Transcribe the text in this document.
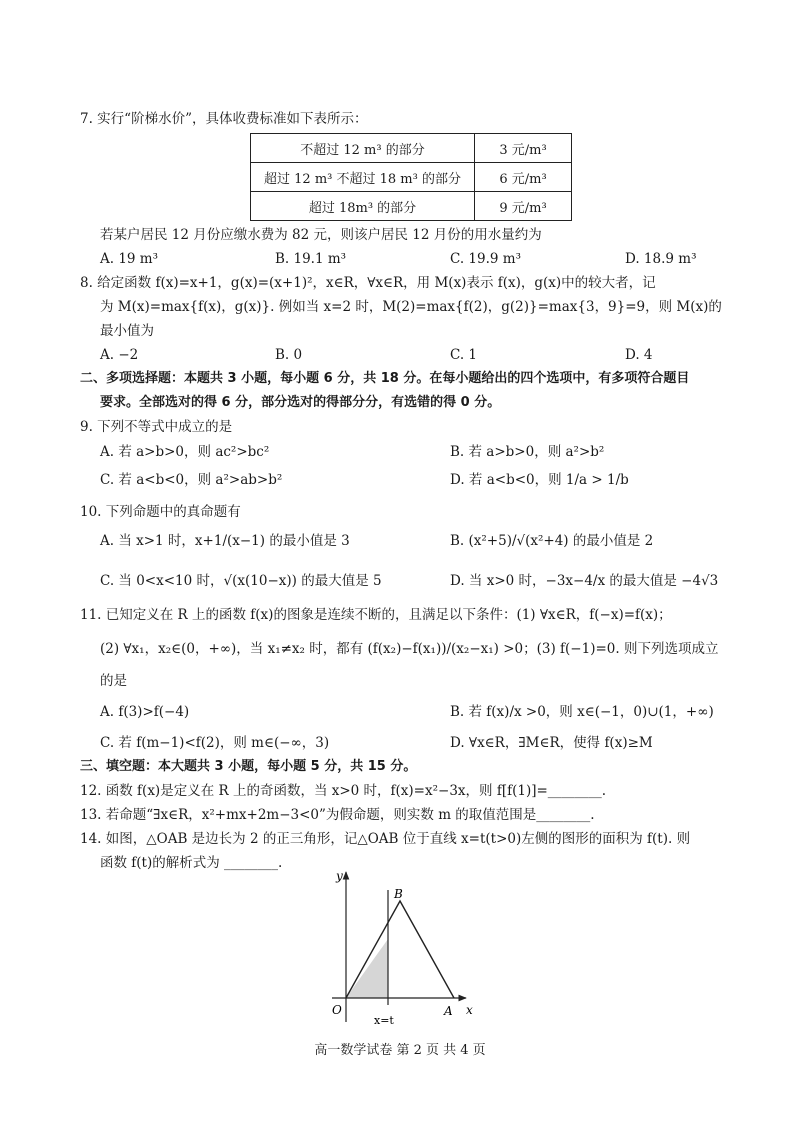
7. 实行“阶梯水价”，具体收费标准如下表所示：
不超过 12 m³ 的部分	3 元/m³
超过 12 m³ 不超过 18 m³ 的部分	6 元/m³
超过 18m³ 的部分	9 元/m³
若某户居民 12 月份应缴水费为 82 元，则该户居民 12 月份的用水量约为
A. 19 m³	B. 19.1 m³	C. 19.9 m³	D. 18.9 m³
8. 给定函数 f(x)=x+1，g(x)=(x+1)²，x∈R，∀x∈R，用 M(x)表示 f(x)，g(x)中的较大者，记
为 M(x)=max{f(x)，g(x)}. 例如当 x=2 时，M(2)=max{f(2)，g(2)}=max{3，9}=9，则 M(x)的
最小值为
A. −2	B. 0	C. 1	D. 4
二、多项选择题：本题共 3 小题，每小题 6 分，共 18 分。在每小题给出的四个选项中，有多项符合题目
要求。全部选对的得 6 分，部分选对的得部分分，有选错的得 0 分。
9. 下列不等式中成立的是
A. 若 a>b>0，则 ac²>bc²	B. 若 a>b>0，则 a²>b²
C. 若 a<b<0，则 a²>ab>b²	D. 若 a<b<0，则 1/a > 1/b
10. 下列命题中的真命题有
A. 当 x>1 时，x+1/(x−1) 的最小值是 3	B. (x²+5)/√(x²+4) 的最小值是 2
C. 当 0<x<10 时，√(x(10−x)) 的最大值是 5	D. 当 x>0 时，−3x−4/x 的最大值是 −4√3
11. 已知定义在 R 上的函数 f(x)的图象是连续不断的，且满足以下条件：(1) ∀x∈R，f(−x)=f(x)；
(2) ∀x₁，x₂∈(0，+∞)，当 x₁≠x₂ 时，都有 (f(x₂)−f(x₁))/(x₂−x₁) >0；(3) f(−1)=0. 则下列选项成立
的是
A. f(3)>f(−4)	B. 若 f(x)/x >0，则 x∈(−1，0)∪(1，+∞)
C. 若 f(m−1)<f(2)，则 m∈(−∞，3)	D. ∀x∈R，∃M∈R，使得 f(x)≥M
三、填空题：本大题共 3 小题，每小题 5 分，共 15 分。
12. 函数 f(x)是定义在 R 上的奇函数，当 x>0 时，f(x)=x²−3x，则 f[f(1)]=________.
13. 若命题“∃x∈R，x²+mx+2m−3<0”为假命题，则实数 m 的取值范围是________.
14. 如图，△OAB 是边长为 2 的正三角形，记△OAB 位于直线 x=t(t>0)左侧的图形的面积为 f(t). 则
函数 f(t)的解析式为 ________.
y
x
O	A
B
x=t
高一数学试卷 第 2 页 共 4 页
